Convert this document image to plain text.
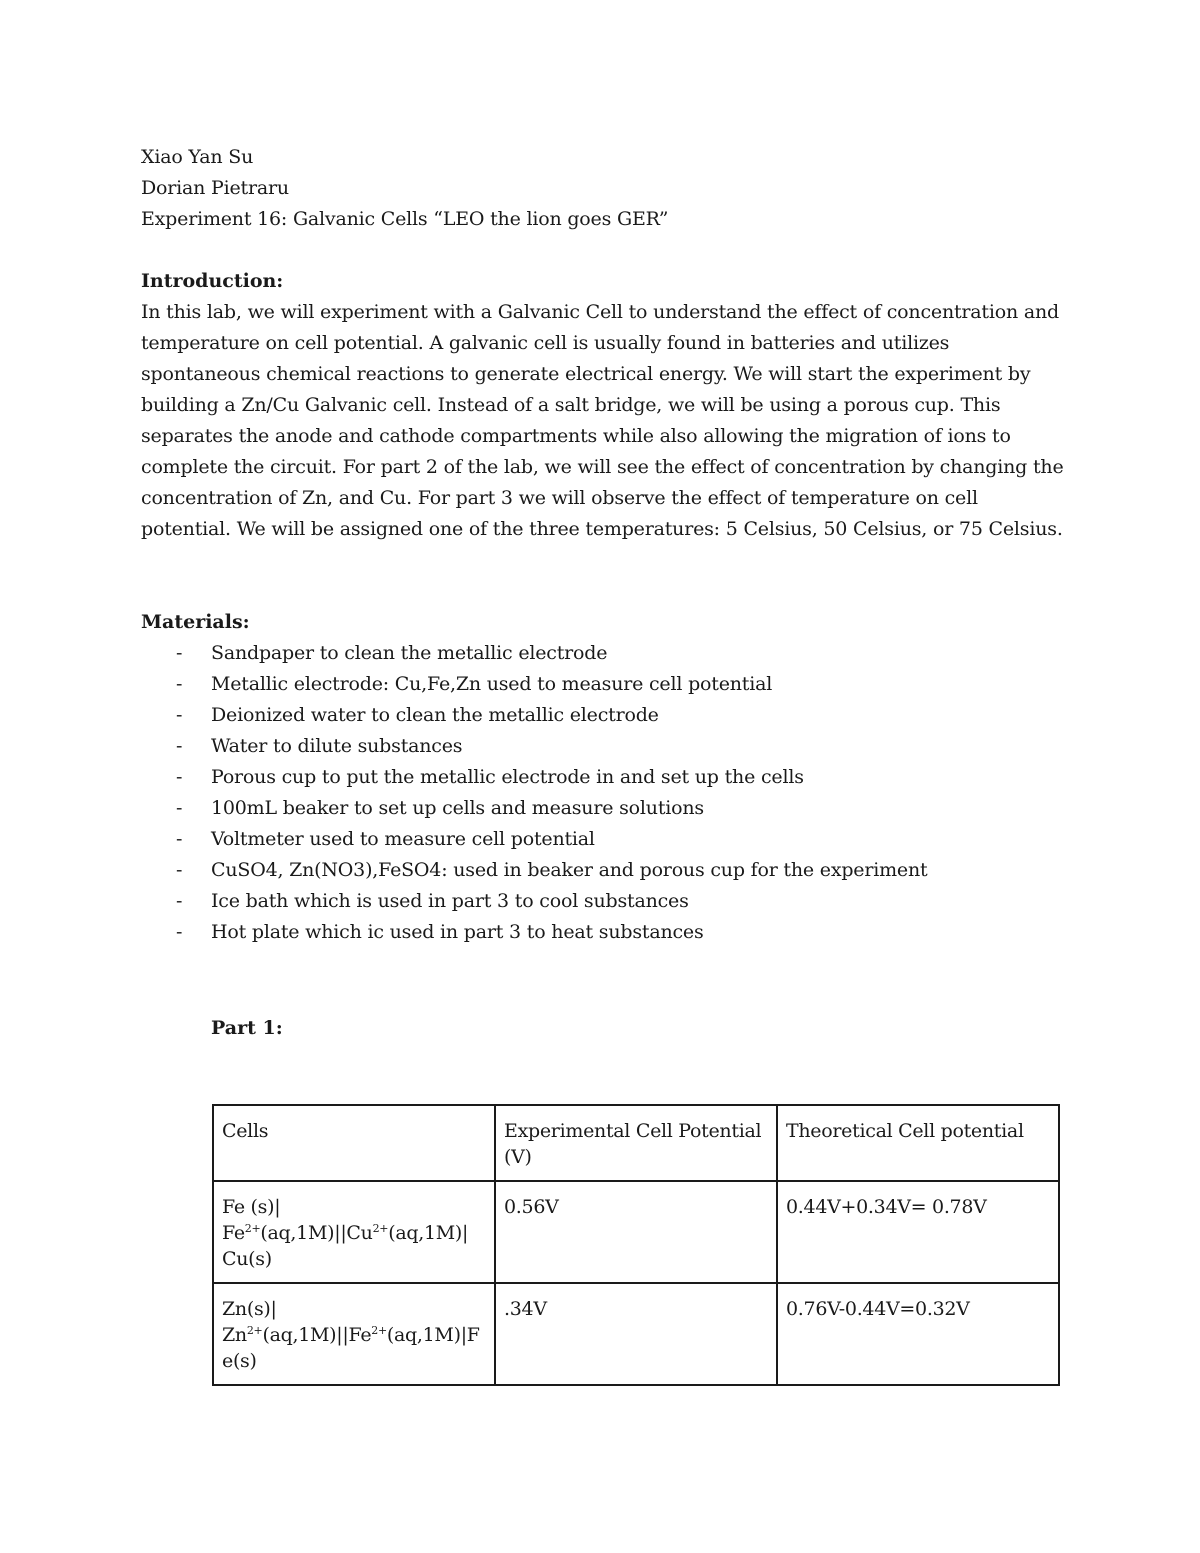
Xiao Yan Su
Dorian Pietraru
Experiment 16: Galvanic Cells “LEO the lion goes GER”
Introduction:

In this lab, we will experiment with a Galvanic Cell to understand the effect of concentration and temperature on cell potential. A galvanic cell is usually found in batteries and utilizes spontaneous chemical reactions to generate electrical energy. We will start the experiment by building a Zn/Cu Galvanic cell. Instead of a salt bridge, we will be using a porous cup. This separates the anode and cathode compartments while also allowing the migration of ions to complete the circuit. For part 2 of the lab, we will see the effect of concentration by changing the concentration of Zn, and Cu. For part 3 we will observe the effect of temperature on cell potential. We will be assigned one of the three temperatures: 5 Celsius, 50 Celsius, or 75 Celsius.

Materials:
- Sandpaper to clean the metallic electrode
- Metallic electrode: Cu,Fe,Zn used to measure cell potential
- Deionized water to clean the metallic electrode
- Water to dilute substances
- Porous cup to put the metallic electrode in and set up the cells
- 100mL beaker to set up cells and measure solutions
- Voltmeter used to measure cell potential
- CuSO4, Zn(NO3),FeSO4: used in beaker and porous cup for the experiment
- Ice bath which is used in part 3 to cool substances
- Hot plate which ic used in part 3 to heat substances
Part 1:
Cells	Experimental Cell Potential (V)	Theoretical Cell potential

Fe (s)|
$Fe^{2+}(aq,1M)||Cu^{2+}(aq,1M)|$
Cu(s)	0.56V	0.44V+0.34V= 0.78V

Zn(s)|
$Zn^{2+}(aq,1M)||Fe^{2+}(aq,1M)|F$
e(s)	.34V	0.76V-0.44V=0.32V
